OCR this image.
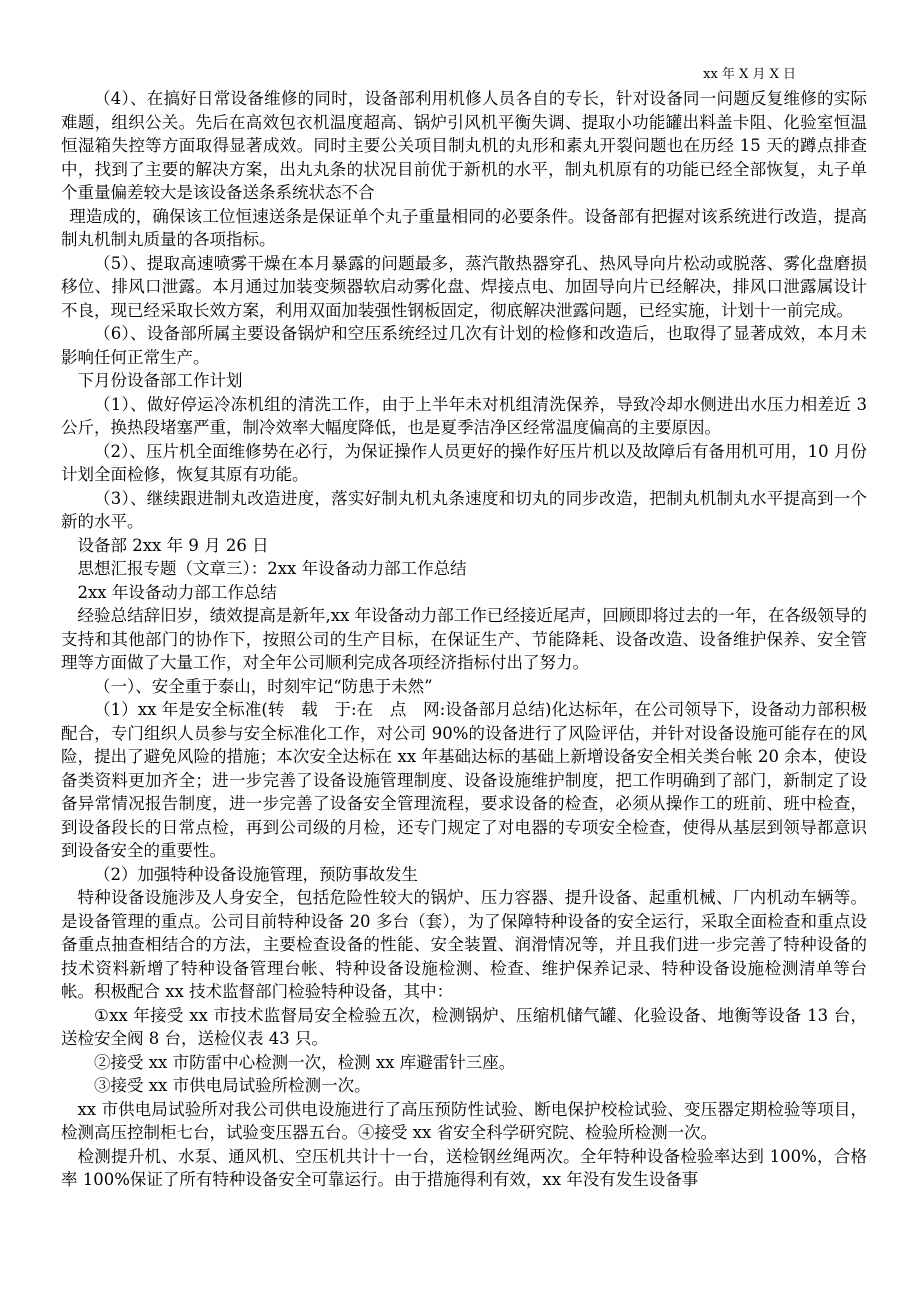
xx 年 X 月 X 日

（4）、在搞好日常设备维修的同时，设备部利用机修人员各自的专长，针对设备同一问题反复维修的实际难题，组织公关。先后在高效包衣机温度超高、锅炉引风机平衡失调、提取小功能罐出料盖卡阻、化验室恒温恒湿箱失控等方面取得显著成效。同时主要公关项目制丸机的丸形和素丸开裂问题也在历经 15 天的蹲点排查中，找到了主要的解决方案，出丸丸条的状况目前优于新机的水平，制丸机原有的功能已经全部恢复，丸子单个重量偏差较大是该设备送条系统状态不合

理造成的，确保该工位恒速送条是保证单个丸子重量相同的必要条件。设备部有把握对该系统进行改造，提高制丸机制丸质量的各项指标。

（5）、提取高速喷雾干燥在本月暴露的问题最多，蒸汽散热器穿孔、热风导向片松动或脱落、雾化盘磨损移位、排风口泄露。本月通过加装变频器软启动雾化盘、焊接点电、加固导向片已经解决，排风口泄露属设计不良，现已经采取长效方案，利用双面加装强性钢板固定，彻底解决泄露问题，已经实施，计划十一前完成。

（6）、设备部所属主要设备锅炉和空压系统经过几次有计划的检修和改造后，也取得了显著成效，本月未影响任何正常生产。

下月份设备部工作计划

（1）、做好停运冷冻机组的清洗工作，由于上半年未对机组清洗保养，导致冷却水侧进出水压力相差近 3 公斤，换热段堵塞严重，制冷效率大幅度降低，也是夏季洁净区经常温度偏高的主要原因。

（2）、压片机全面维修势在必行，为保证操作人员更好的操作好压片机以及故障后有备用机可用，10 月份计划全面检修，恢复其原有功能。

（3）、继续跟进制丸改造进度，落实好制丸机丸条速度和切丸的同步改造，把制丸机制丸水平提高到一个新的水平。

设备部 2xx 年 9 月 26 日

思想汇报专题（文章三）：2xx 年设备动力部工作总结

2xx 年设备动力部工作总结

经验总结辞旧岁，绩效提高是新年,xx 年设备动力部工作已经接近尾声，回顾即将过去的一年，在各级领导的支持和其他部门的协作下，按照公司的生产目标，在保证生产、节能降耗、设备改造、设备维护保养、安全管理等方面做了大量工作，对全年公司顺利完成各项经济指标付出了努力。

（一）、安全重于泰山，时刻牢记“防患于未然”

（1）xx 年是安全标准(转　载　于:在　点　网:设备部月总结)化达标年，在公司领导下，设备动力部积极配合，专门组织人员参与安全标准化工作，对公司 90%的设备进行了风险评估，并针对设备设施可能存在的风险，提出了避免风险的措施；本次安全达标在 xx 年基础达标的基础上新增设备安全相关类台帐 20 余本，使设备类资料更加齐全；进一步完善了设备设施管理制度、设备设施维护制度，把工作明确到了部门，新制定了设备异常情况报告制度，进一步完善了设备安全管理流程，要求设备的检查，必须从操作工的班前、班中检查，到设备段长的日常点检，再到公司级的月检，还专门规定了对电器的专项安全检查，使得从基层到领导都意识到设备安全的重要性。

（2）加强特种设备设施管理，预防事故发生

特种设备设施涉及人身安全，包括危险性较大的锅炉、压力容器、提升设备、起重机械、厂内机动车辆等。是设备管理的重点。公司目前特种设备 20 多台（套），为了保障特种设备的安全运行，采取全面检查和重点设备重点抽查相结合的方法，主要检查设备的性能、安全装置、润滑情况等，并且我们进一步完善了特种设备的技术资料新增了特种设备管理台帐、特种设备设施检测、检查、维护保养记录、特种设备设施检测清单等台帐。积极配合 xx 技术监督部门检验特种设备，其中：

①xx 年接受 xx 市技术监督局安全检验五次，检测锅炉、压缩机储气罐、化验设备、地衡等设备 13 台，送检安全阀 8 台，送检仪表 43 只。

②接受 xx 市防雷中心检测一次，检测 xx 库避雷针三座。

③接受 xx 市供电局试验所检测一次。

xx 市供电局试验所对我公司供电设施进行了高压预防性试验、断电保护校检试验、变压器定期检验等项目，检测高压控制柜七台，试验变压器五台。④接受 xx 省安全科学研究院、检验所检测一次。

检测提升机、水泵、通风机、空压机共计十一台，送检钢丝绳两次。全年特种设备检验率达到 100%，合格率 100%保证了所有特种设备安全可靠运行。由于措施得利有效，xx 年没有发生设备事
